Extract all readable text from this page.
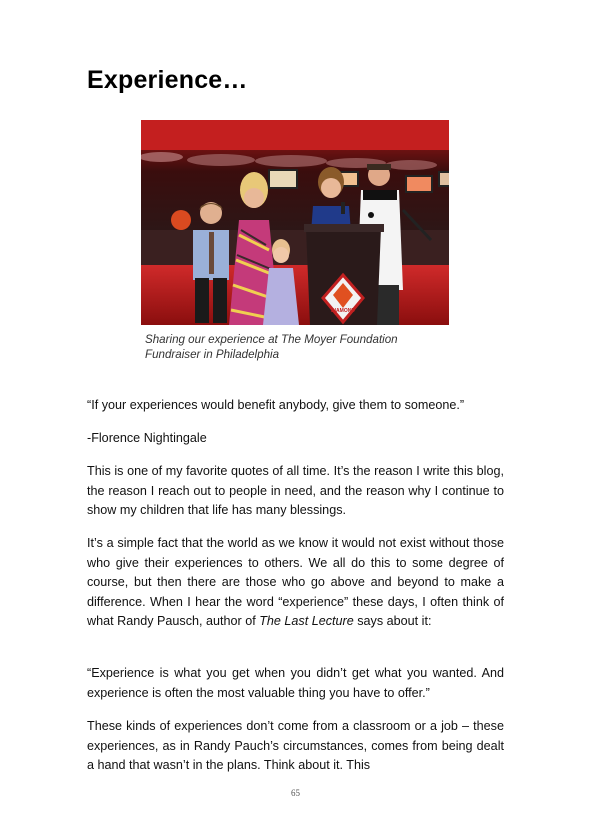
Experience…
DIAMOND
Sharing our experience at The Moyer Foundation
Fundraiser in Philadelphia

“If your experiences would benefit anybody, give them to someone.”

-Florence Nightingale

This is one of my favorite quotes of all time. It’s the reason I write this blog, the reason I reach out to people in need, and the reason why I continue to show my children that life has many blessings.

It’s a simple fact that the world as we know it would not exist without those who give their experiences to others. We all do this to some degree of course, but then there are those who go above and beyond to make a difference. When I hear the word “experience” these days, I often think of what Randy Pausch, author of The Last Lecture says about it:

“Experience is what you get when you didn’t get what you wanted. And experience is often the most valuable thing you have to offer.”

These kinds of experiences don’t come from a classroom or a job – these experiences, as in Randy Pauch’s circumstances, comes from being dealt a hand that wasn’t in the plans. Think about it. This

65
